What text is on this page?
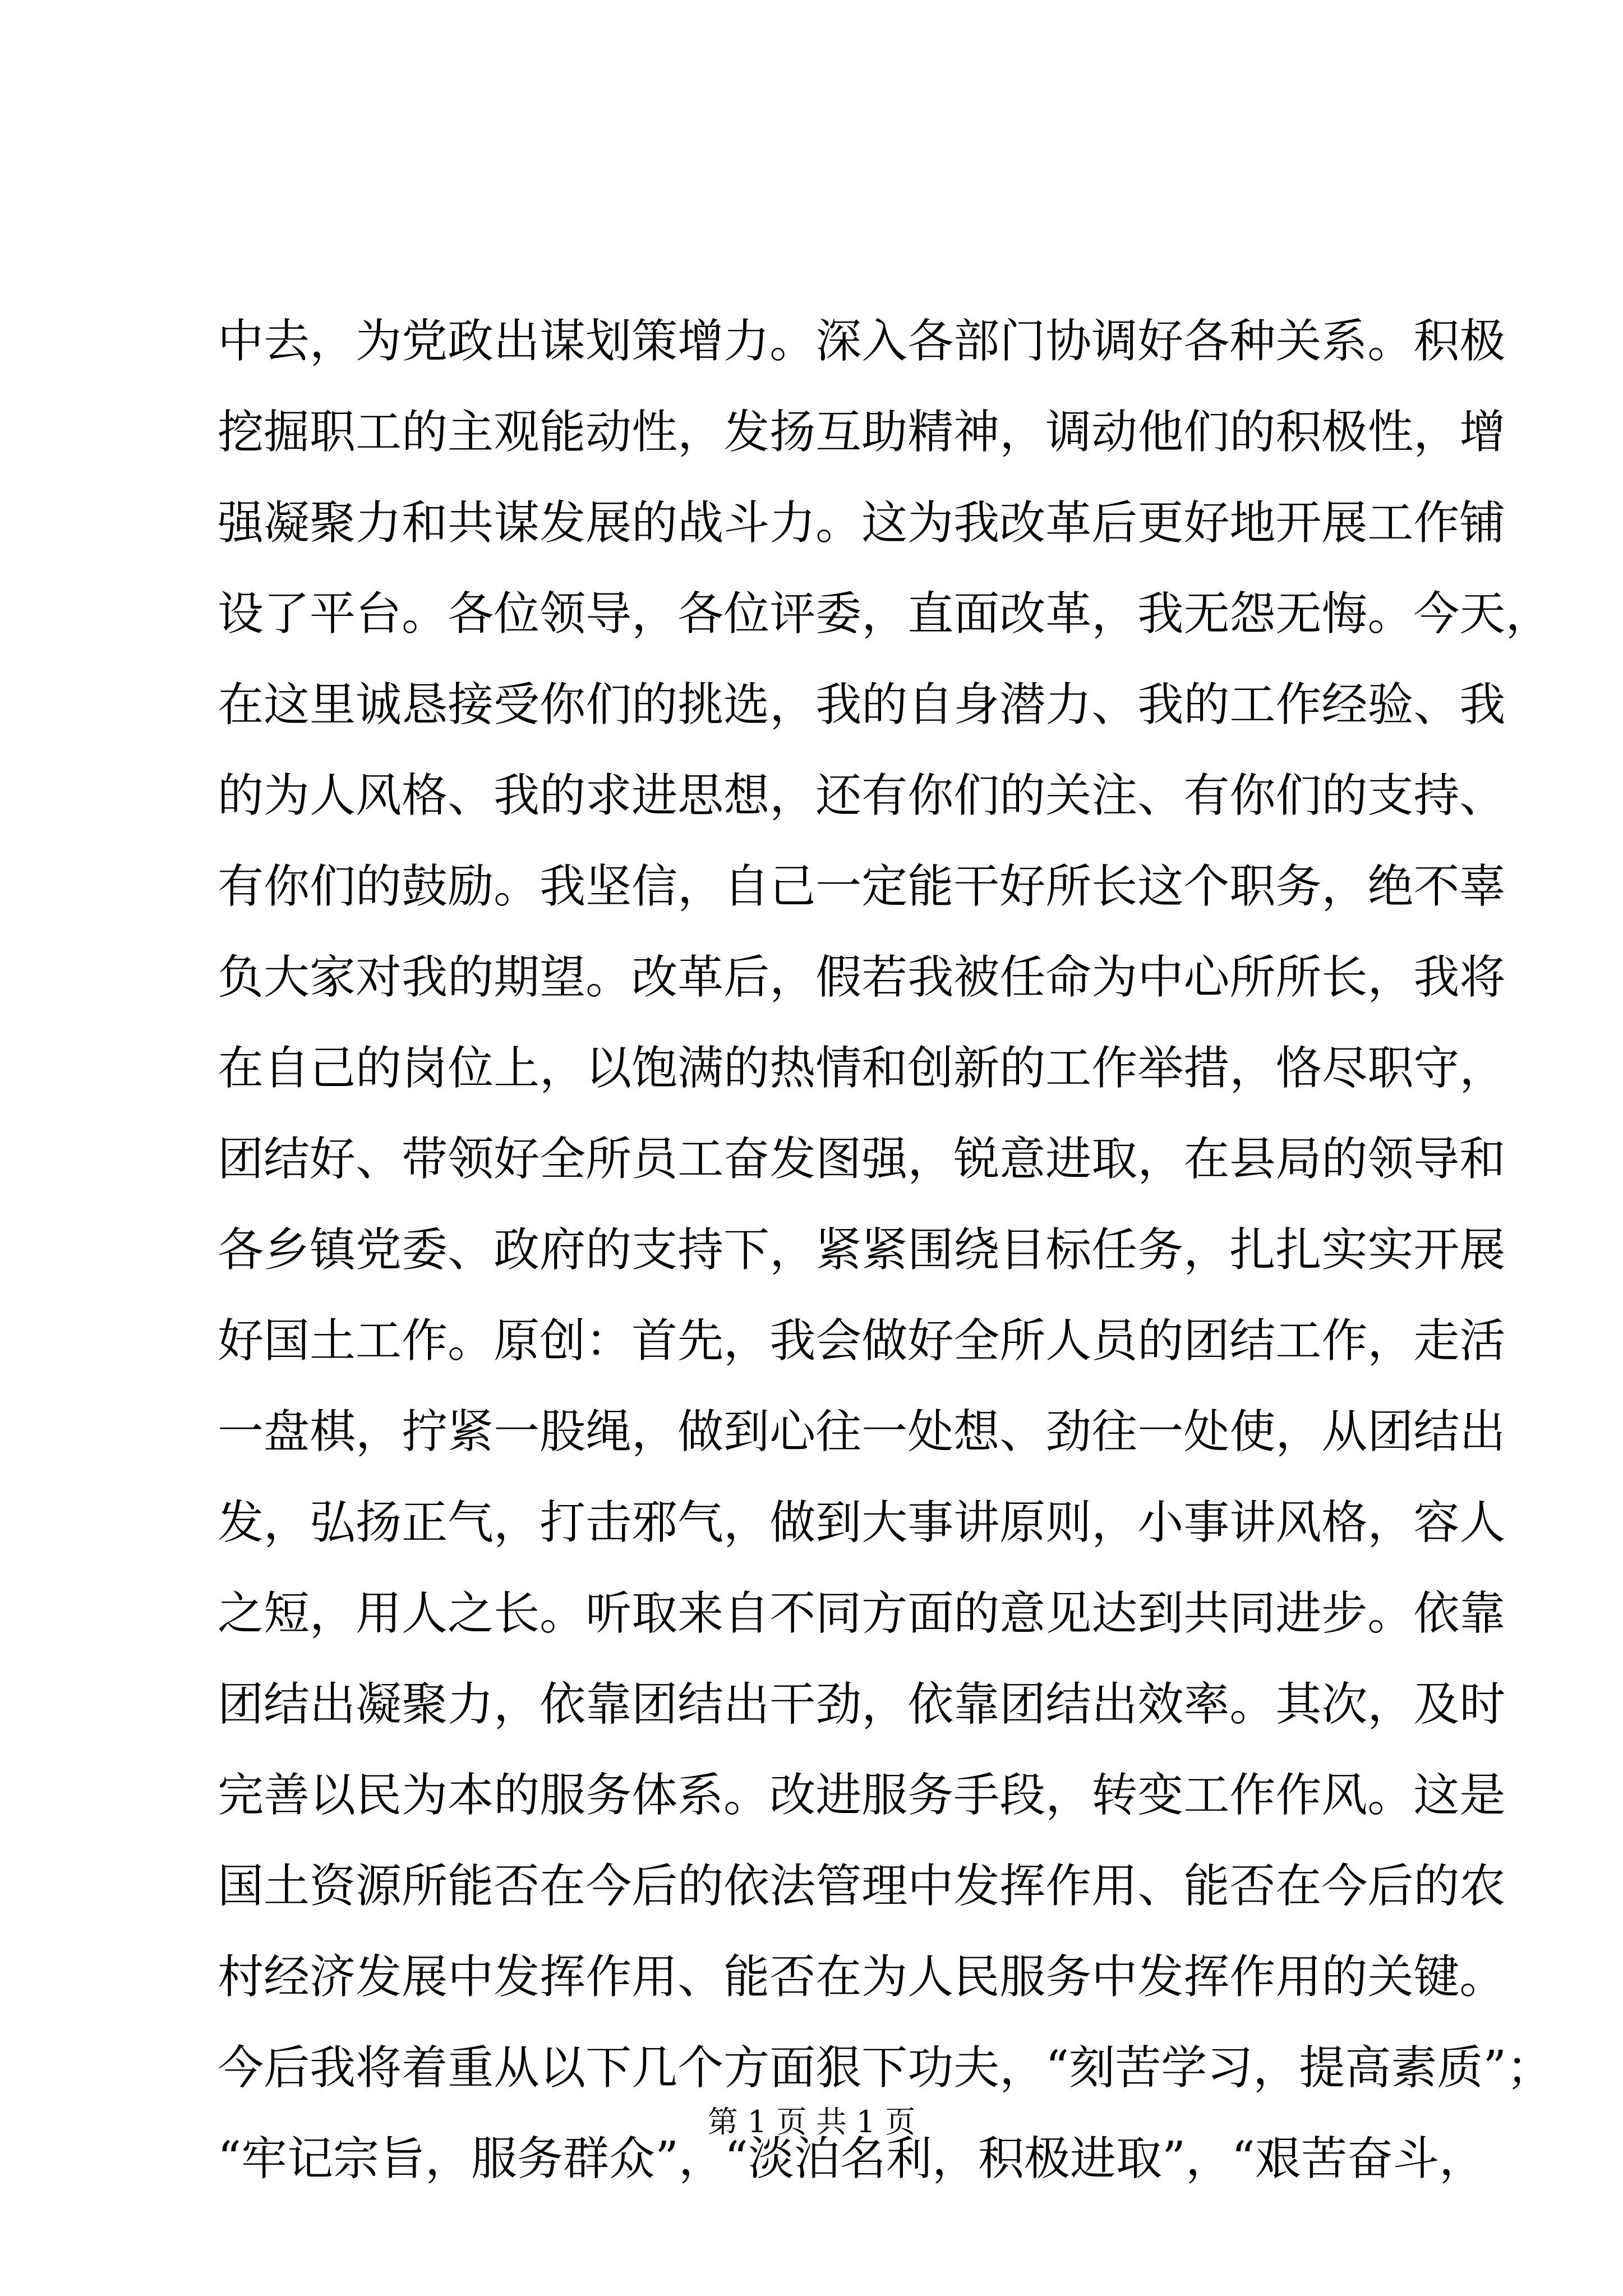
中 去 ， 为 党 政 出 谋 划 策 增 力 。 深 入 各 部 门 协 调 好 各 种 关 系 。 积 极
挖 掘 职 工 的 主 观 能 动 性 ， 发 扬 互 助 精 神 ， 调 动 他 们 的 积 极 性 ， 增
强 凝 聚 力 和 共 谋 发 展 的 战 斗 力 。 这 为 我 改 革 后 更 好 地 开 展 工 作 铺
设 了 平 台 。 各 位 领 导 ， 各 位 评 委 ， 直 面 改 革 ， 我 无 怨 无 悔 。 今 天 ，
在 这 里 诚 恳 接 受 你 们 的 挑 选 ， 我 的 自 身 潜 力 、 我 的 工 作 经 验 、 我
的 为 人 风 格 、 我 的 求 进 思 想 ， 还 有 你 们 的 关 注 、 有 你 们 的 支 持 、
有 你 们 的 鼓 励 。 我 坚 信 ， 自 己 一 定 能 干 好 所 长 这 个 职 务 ， 绝 不 辜
负 大 家 对 我 的 期 望 。 改 革 后 ， 假 若 我 被 任 命 为 中 心 所 所 长 ， 我 将
在 自 己 的 岗 位 上 ， 以 饱 满 的 热 情 和 创 新 的 工 作 举 措 ， 恪 尽 职 守 ，
团 结 好 、 带 领 好 全 所 员 工 奋 发 图 强 ， 锐 意 进 取 ， 在 县 局 的 领 导 和
各 乡 镇 党 委 、 政 府 的 支 持 下 ， 紧 紧 围 绕 目 标 任 务 ， 扎 扎 实 实 开 展
好 国 土 工 作 。 原 创 ： 首 先 ， 我 会 做 好 全 所 人 员 的 团 结 工 作 ， 走 活
一 盘 棋 ， 拧 紧 一 股 绳 ， 做 到 心 往 一 处 想 、 劲 往 一 处 使 ， 从 团 结 出
发 ， 弘 扬 正 气 ， 打 击 邪 气 ， 做 到 大 事 讲 原 则 ， 小 事 讲 风 格 ， 容 人
之 短 ， 用 人 之 长 。 听 取 来 自 不 同 方 面 的 意 见 达 到 共 同 进 步 。 依 靠
团 结 出 凝 聚 力 ， 依 靠 团 结 出 干 劲 ， 依 靠 团 结 出 效 率 。 其 次 ， 及 时
完 善 以 民 为 本 的 服 务 体 系 。 改 进 服 务 手 段 ， 转 变 工 作 作 风 。 这 是
国 土 资 源 所 能 否 在 今 后 的 依 法 管 理 中 发 挥 作 用 、 能 否 在 今 后 的 农
村 经 济 发 展 中 发 挥 作 用 、 能 否 在 为 人 民 服 务 中 发 挥 作 用 的 关 键 。
今 后 我 将 着 重 从 以 下 几 个 方 面 狠 下 功 夫 ， “ 刻 苦 学 习 ， 提 高 素 质 ” ；
“ 牢 记 宗 旨 ， 服 务 群 众 ” ， “ 淡 泊 名 利 ， 积 极 进 取 ” ， “ 艰 苦 奋 斗 ，
第 1 页 共 1 页
